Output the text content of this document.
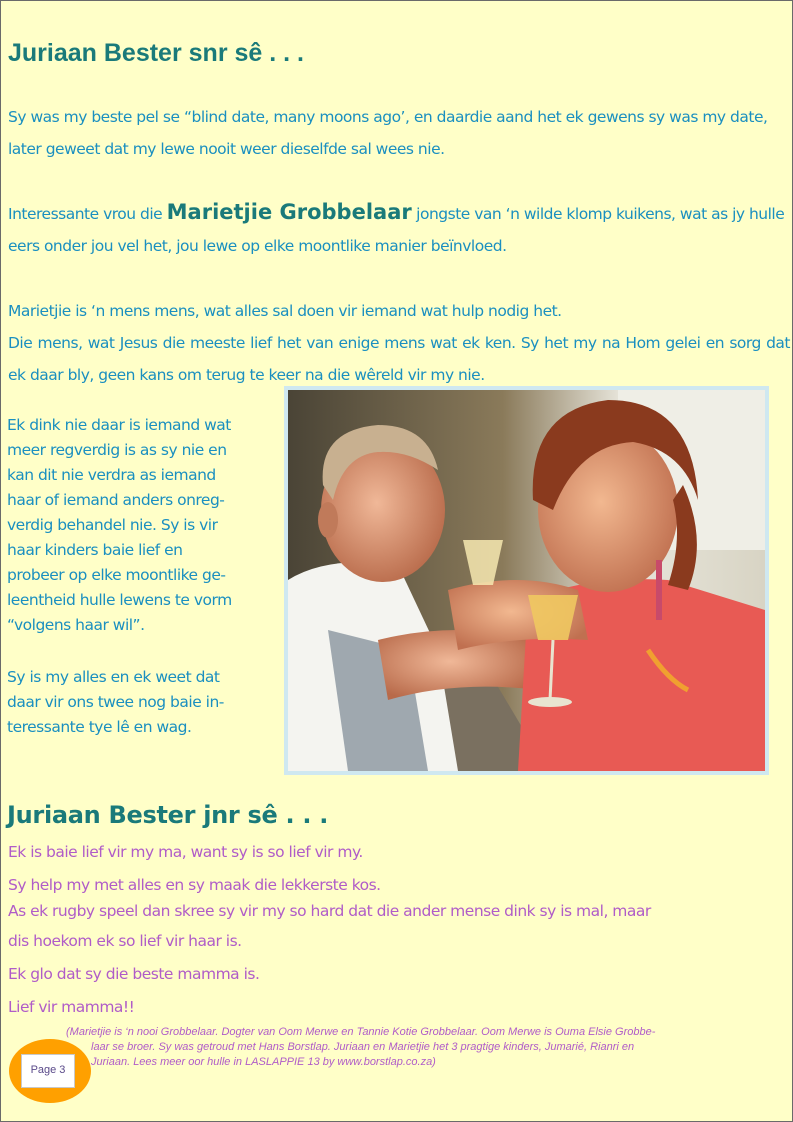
Juriaan Bester snr sê . . .
Sy was my beste pel se “blind date, many moons ago’, en daardie aand het ek gewens sy was my date, later geweet dat my lewe nooit weer dieselfde sal wees nie.
Interessante vrou die Marietjie Grobbelaar jongste van ‘n wilde klomp kuikens, wat as jy hulle eers onder jou vel het, jou lewe op elke moontlike manier beïnvloed.
Marietjie is ‘n mens mens, wat alles sal doen vir iemand wat hulp nodig het.
Die mens, wat Jesus die meeste lief het van enige mens wat ek ken. Sy het my na Hom gelei en sorg dat ek daar bly, geen kans om terug te keer na die wêreld vir my nie.
Ek dink nie daar is iemand wat
meer regverdig is as sy nie en
kan dit nie verdra as iemand
haar of iemand anders onreg-
verdig behandel nie. Sy is vir
haar kinders baie lief en
probeer op elke moontlike ge-
leentheid hulle lewens te vorm
“volgens haar wil”.
Sy is my alles en ek weet dat
daar vir ons twee nog baie in-
teressante tye lê en wag.
Juriaan Bester jnr sê . . .
Ek is baie lief vir my ma, want sy is so lief vir my.
Sy help my met alles en sy maak die lekkerste kos.
As ek rugby speel dan skree sy vir my so hard dat die ander mense dink sy is mal, maar
dis hoekom ek so lief vir haar is.
Ek glo dat sy die beste mamma is.
Lief vir mamma!!
(Marietjie is ‘n nooi Grobbelaar. Dogter van Oom Merwe en Tannie Kotie Grobbelaar. Oom Merwe is Ouma Elsie Grobbe-
laar se broer. Sy was getroud met Hans Borstlap. Juriaan en Marietjie het 3 pragtige kinders, Jumarié, Rianri en
Juriaan. Lees meer oor hulle in LASLAPPIE 13 by www.borstlap.co.za)
Page 3
